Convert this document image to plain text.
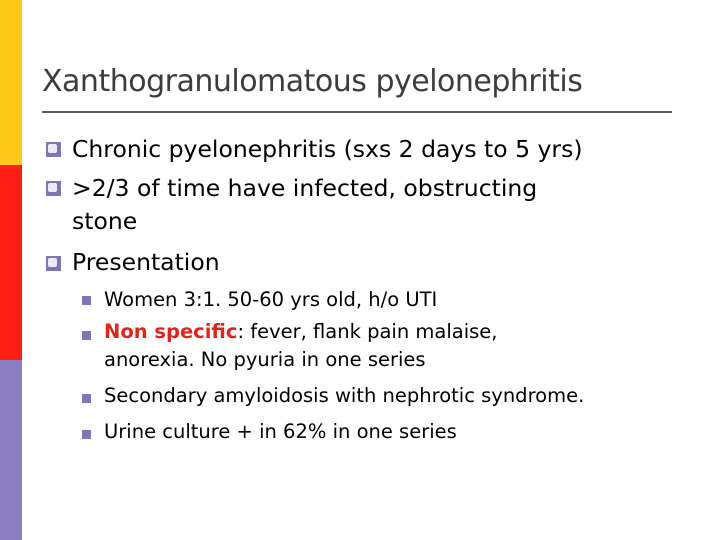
Xanthogranulomatous pyelonephritis
Chronic pyelonephritis (sxs 2 days to 5 yrs)
>2/3 of time have infected, obstructing
stone
Presentation
Women 3:1. 50-60 yrs old, h/o UTI
Non specific: fever, flank pain malaise,
anorexia. No pyuria in one series
Secondary amyloidosis with nephrotic syndrome.
Urine culture + in 62% in one series
